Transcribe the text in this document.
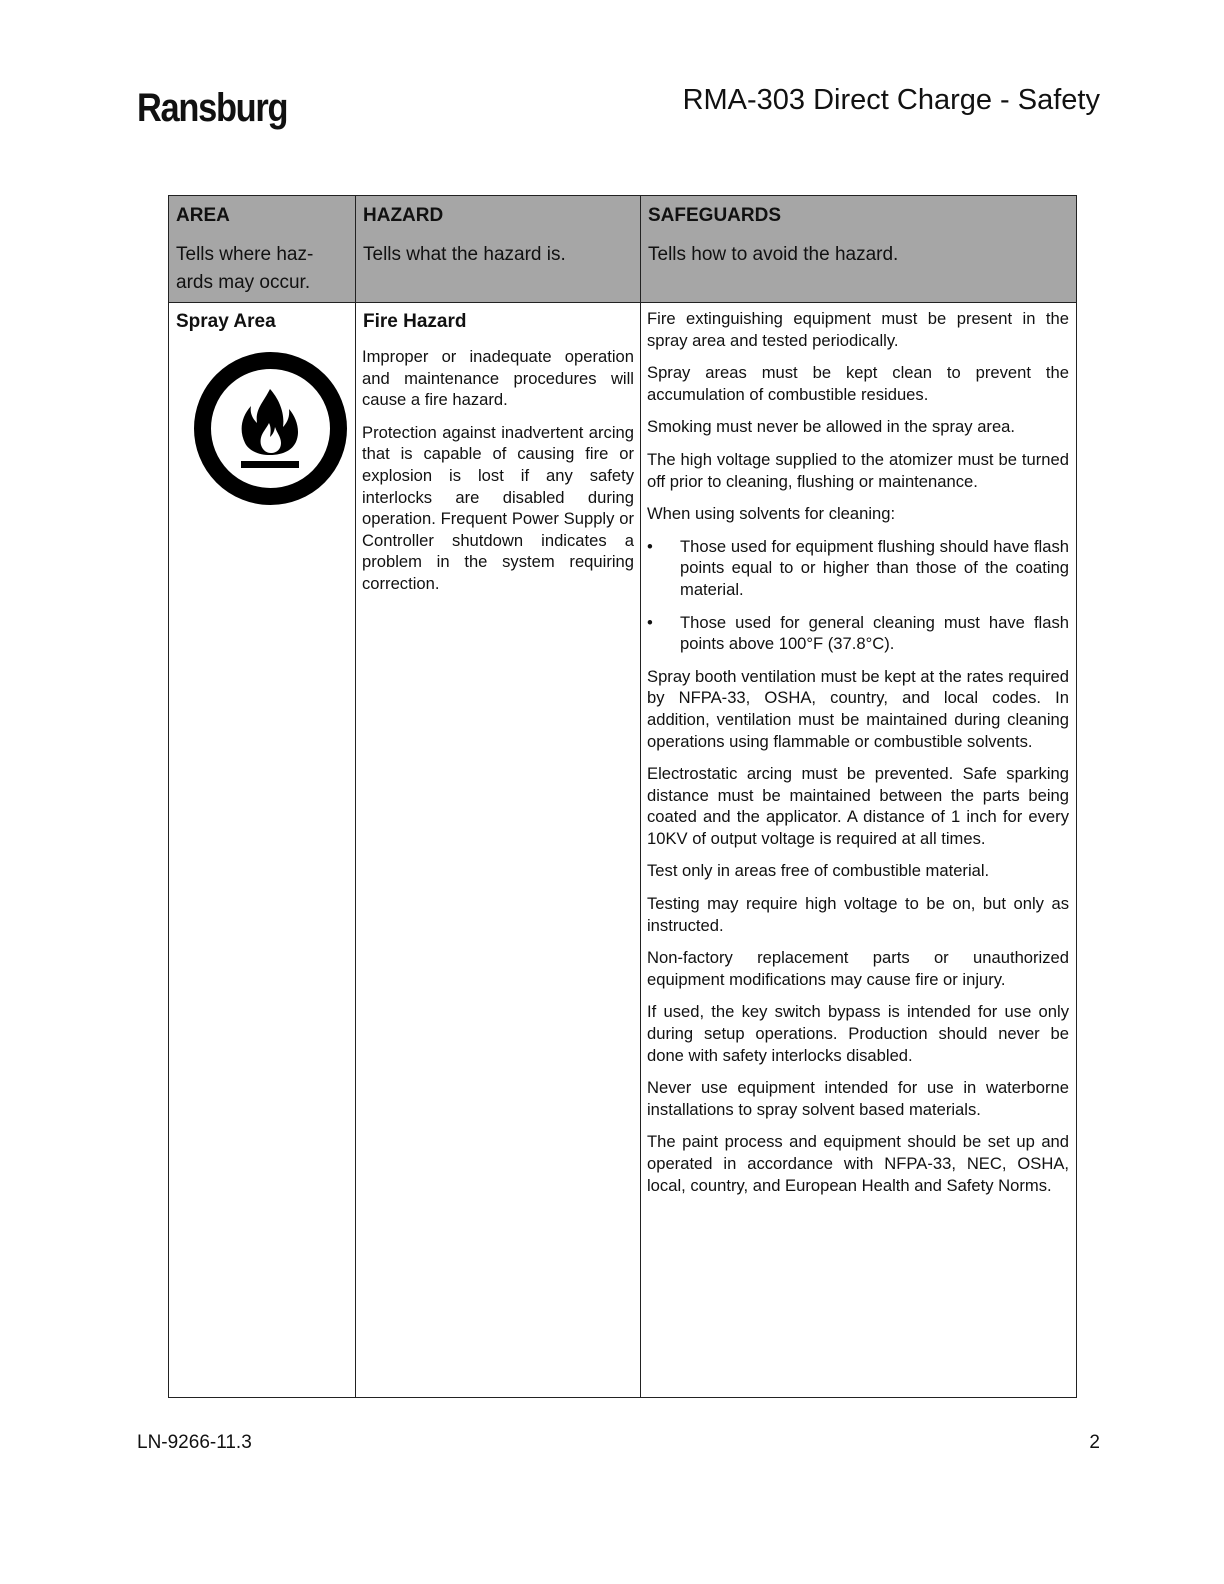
Ransburg	RMA-303 Direct Charge - Safety
AREA
Tells where haz-ards may occur.
Spray Area
HAZARD
Tells what the hazard is.
Fire Hazard

Improper or inadequate operation and maintenance procedures will cause a fire hazard.

Protection against inadvertent arcing that is capable of causing fire or explosion is lost if any safety interlocks are disabled during operation. Frequent Power Supply or Controller shutdown indicates a problem in the system requiring correction.

SAFEGUARDS
Tells how to avoid the hazard.

Fire extinguishing equipment must be present in the spray area and tested periodically.

Spray areas must be kept clean to prevent the accumulation of combustible residues.

Smoking must never be allowed in the spray area.

The high voltage supplied to the atomizer must be turned off prior to cleaning, flushing or maintenance.

When using solvents for cleaning:

• Those used for equipment flushing should have flash points equal to or higher than those of the coating material.
• Those used for general cleaning must have flash points above 100°F (37.8°C).

Spray booth ventilation must be kept at the rates required by NFPA-33, OSHA, country, and local codes. In addition, ventilation must be maintained during cleaning operations using flammable or combustible solvents.

Electrostatic arcing must be prevented. Safe sparking distance must be maintained between the parts being coated and the applicator. A distance of 1 inch for every 10KV of output voltage is required at all times.

Test only in areas free of combustible material.

Testing may require high voltage to be on, but only as instructed.

Non-factory replacement parts or unauthorized equipment modifications may cause fire or injury.

If used, the key switch bypass is intended for use only during setup operations. Production should never be done with safety interlocks disabled.

Never use equipment intended for use in waterborne installations to spray solvent based materials.

The paint process and equipment should be set up and operated in accordance with NFPA-33, NEC, OSHA, local, country, and European Health and Safety Norms.

LN-9266-11.3	2
